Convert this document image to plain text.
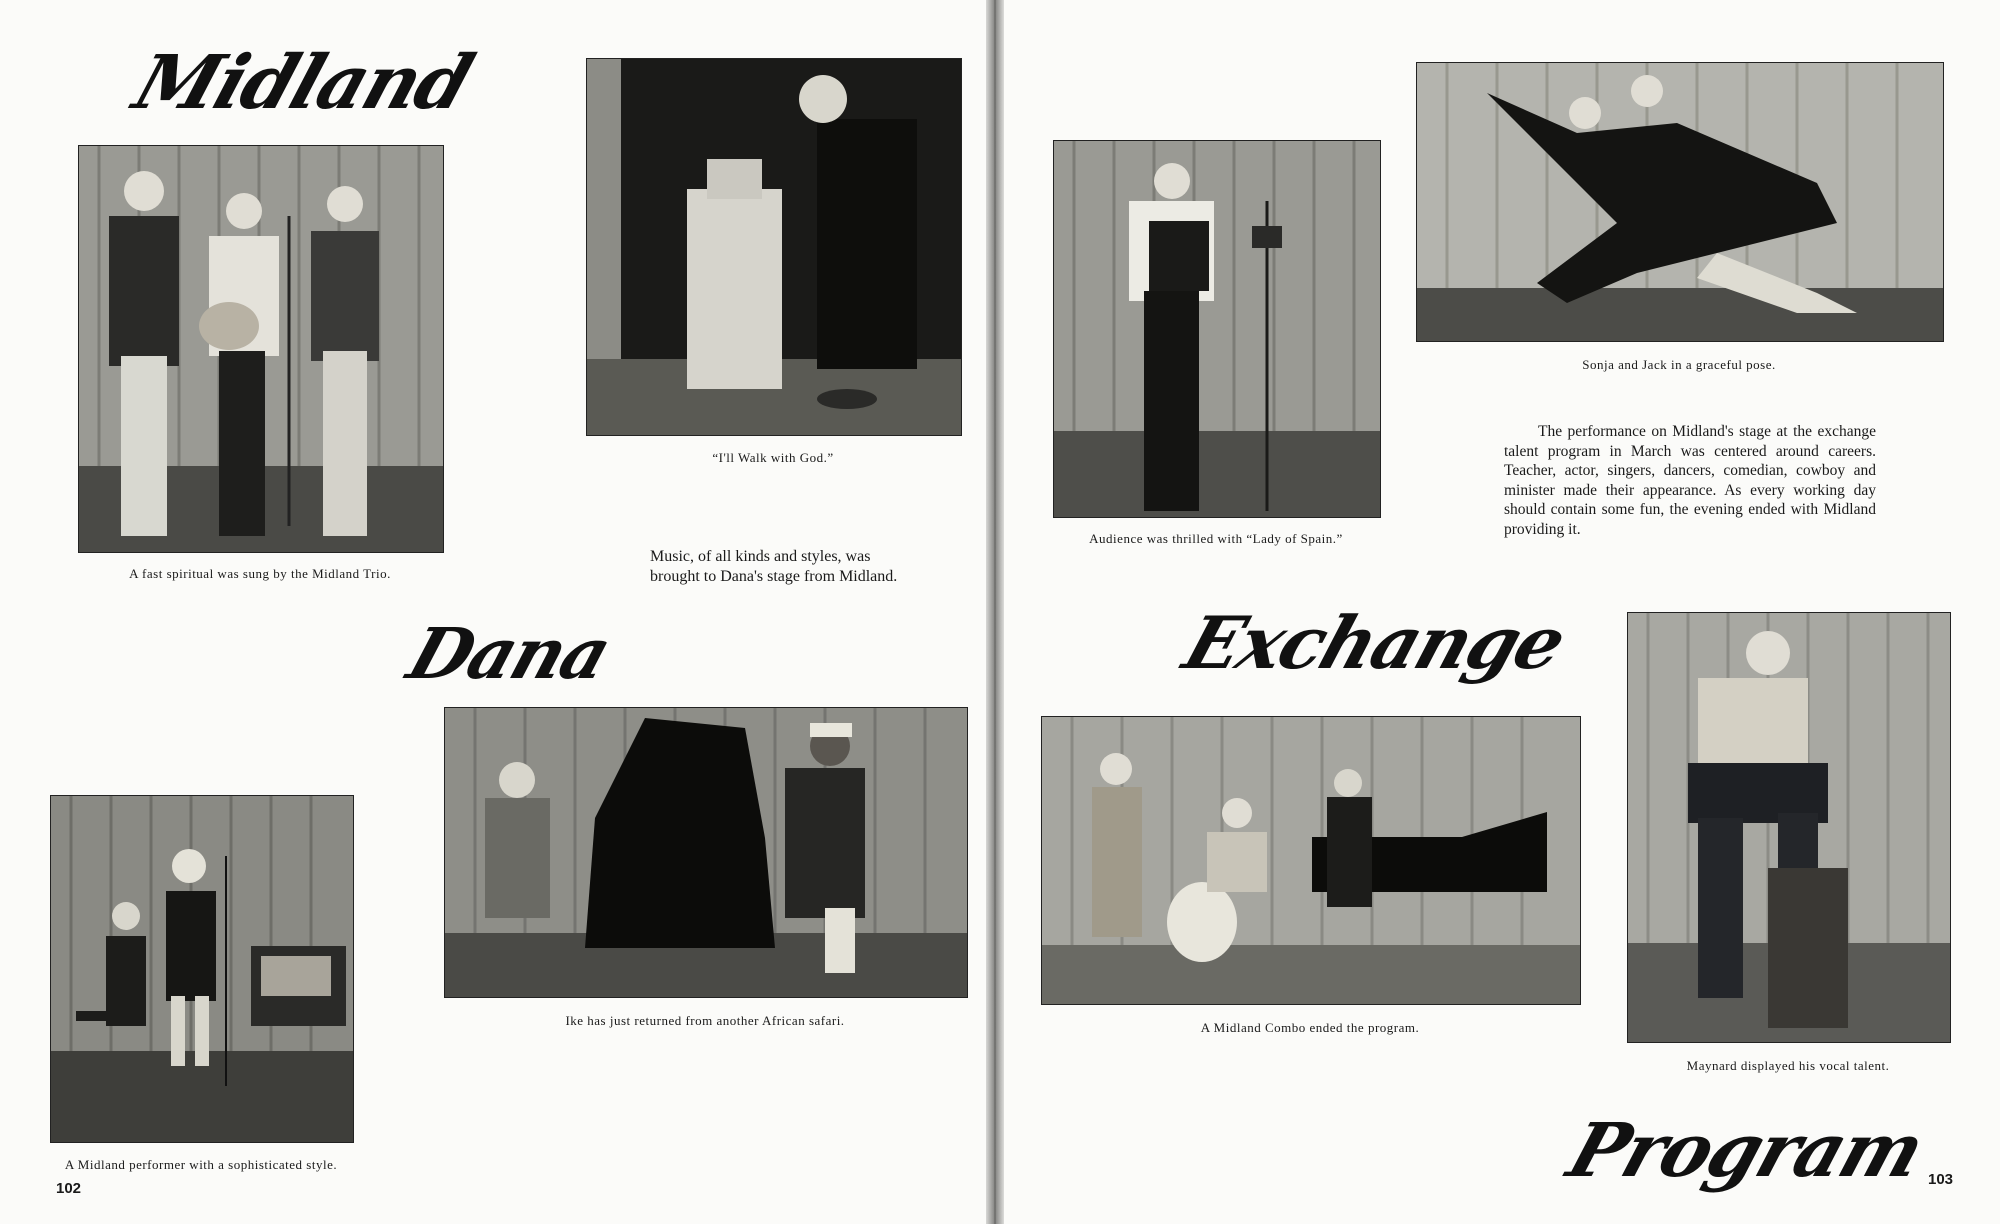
Midland
Dana	Exchange
Program
A fast spiritual was sung by the Midland Trio.
“I'll Walk with God.”
Music, of all kinds and styles, was brought to Dana's stage from Midland.
A Midland performer with a sophisticated style.
102
Ike has just returned from another African safari.
Audience was thrilled with “Lady of Spain.”
Sonja and Jack in a graceful pose.
The performance on Midland's stage at the exchange talent program in March was centered around careers. Teacher, actor, singers, dancers, comedian, cowboy and minister made their appearance. As every working day should contain some fun, the evening ended with Midland providing it.
A Midland Combo ended the program.
Maynard displayed his vocal talent.
103
